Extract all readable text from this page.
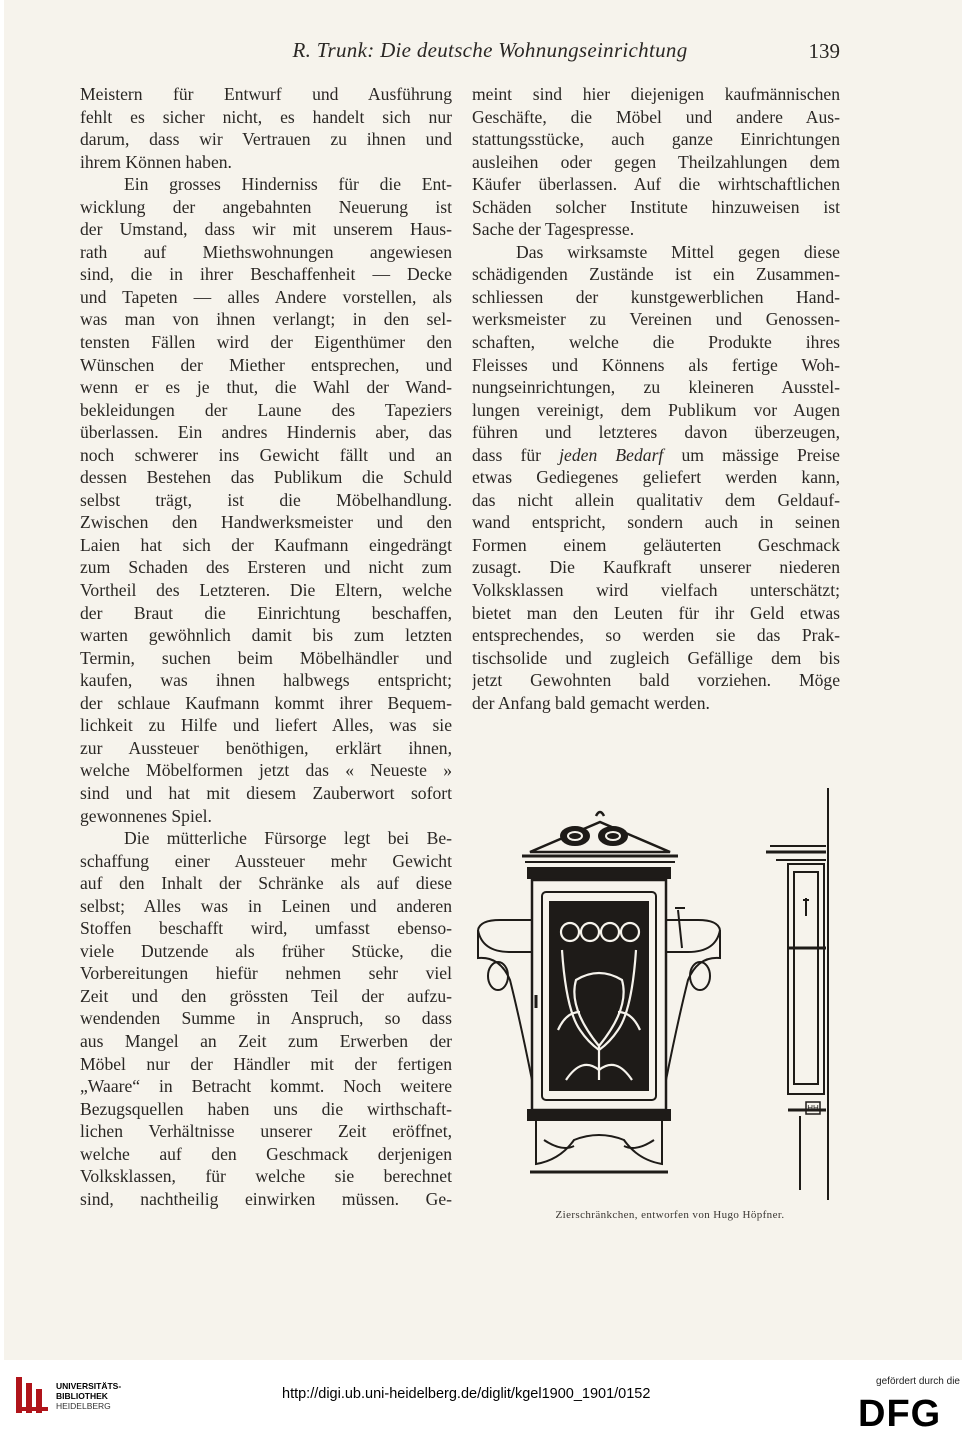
R. Trunk: Die deutsche Wohnungseinrichtung	139
Meistern für Entwurf und Ausführung
fehlt es sicher nicht, es handelt sich nur
darum, dass wir Vertrauen zu ihnen und
ihrem Können haben.
Ein grosses Hinderniss für die Ent-
wicklung der angebahnten Neuerung ist
der Umstand, dass wir mit unserem Haus-
rath auf Miethswohnungen angewiesen
sind, die in ihrer Beschaffenheit — Decke
und Tapeten — alles Andere vorstellen, als
was man von ihnen verlangt; in den sel-
tensten Fällen wird der Eigenthümer den
Wünschen der Miether entsprechen, und
wenn er es je thut, die Wahl der Wand-
bekleidungen der Laune des Tapeziers
überlassen. Ein andres Hindernis aber, das
noch schwerer ins Gewicht fällt und an
dessen Bestehen das Publikum die Schuld
selbst trägt, ist die Möbelhandlung.
Zwischen den Handwerksmeister und den
Laien hat sich der Kaufmann eingedrängt
zum Schaden des Ersteren und nicht zum
Vortheil des Letzteren. Die Eltern, welche
der Braut die Einrichtung beschaffen,
warten gewöhnlich damit bis zum letzten
Termin, suchen beim Möbelhändler und
kaufen, was ihnen halbwegs entspricht;
der schlaue Kaufmann kommt ihrer Bequem-
lichkeit zu Hilfe und liefert Alles, was sie
zur Aussteuer benöthigen, erklärt ihnen,
welche Möbelformen jetzt das « Neueste »
sind und hat mit diesem Zauberwort sofort
gewonnenes Spiel.
Die mütterliche Fürsorge legt bei Be-
schaffung einer Aussteuer mehr Gewicht
auf den Inhalt der Schränke als auf diese
selbst; Alles was in Leinen und anderen
Stoffen beschafft wird, umfasst ebenso-
viele Dutzende als früher Stücke, die
Vorbereitungen hiefür nehmen sehr viel
Zeit und den grössten Teil der aufzu-
wendenden Summe in Anspruch, so dass
aus Mangel an Zeit zum Erwerben der
Möbel nur der Händler mit der fertigen
„Waare“ in Betracht kommt. Noch weitere
Bezugsquellen haben uns die wirthschaft-
lichen Verhältnisse unserer Zeit eröffnet,
welche auf den Geschmack derjenigen
Volksklassen, für welche sie berechnet
sind, nachtheilig einwirken müssen. Ge-
meint sind hier diejenigen kaufmännischen
Geschäfte, die Möbel und andere Aus-
stattungsstücke, auch ganze Einrichtungen
ausleihen oder gegen Theilzahlungen dem
Käufer überlassen. Auf die wirhtschaftlichen
Schäden solcher Institute hinzuweisen ist
Sache der Tagespresse.
Das wirksamste Mittel gegen diese
schädigenden Zustände ist ein Zusammen-
schliessen der kunstgewerblichen Hand-
werksmeister zu Vereinen und Genossen-
schaften, welche die Produkte ihres
Fleisses und Könnens als fertige Woh-
nungseinrichtungen, zu kleineren Ausstel-
lungen vereinigt, dem Publikum vor Augen
führen und letzteres davon überzeugen,
dass für jeden Bedarf um mässige Preise
etwas Gediegenes geliefert werden kann,
das nicht allein qualitativ dem Geldauf-
wand entspricht, sondern auch in seinen
Formen einem geläuterten Geschmack
zusagt. Die Kaufkraft unserer niederen
Volksklassen wird vielfach unterschätzt;
bietet man den Leuten für ihr Geld etwas
entsprechendes, so werden sie das Prak-
tischsolide und zugleich Gefällige dem bis
jetzt Gewohnten bald vorziehen. Möge
der Anfang bald gemacht werden.
HH
Zierschränkchen, entworfen von Hugo Höpfner.
UNIVERSITÄTS-
BIBLIOTHEK
HEIDELBERG
http://digi.ub.uni-heidelberg.de/diglit/kgel1900_1901/0152
gefördert durch die
DFG
